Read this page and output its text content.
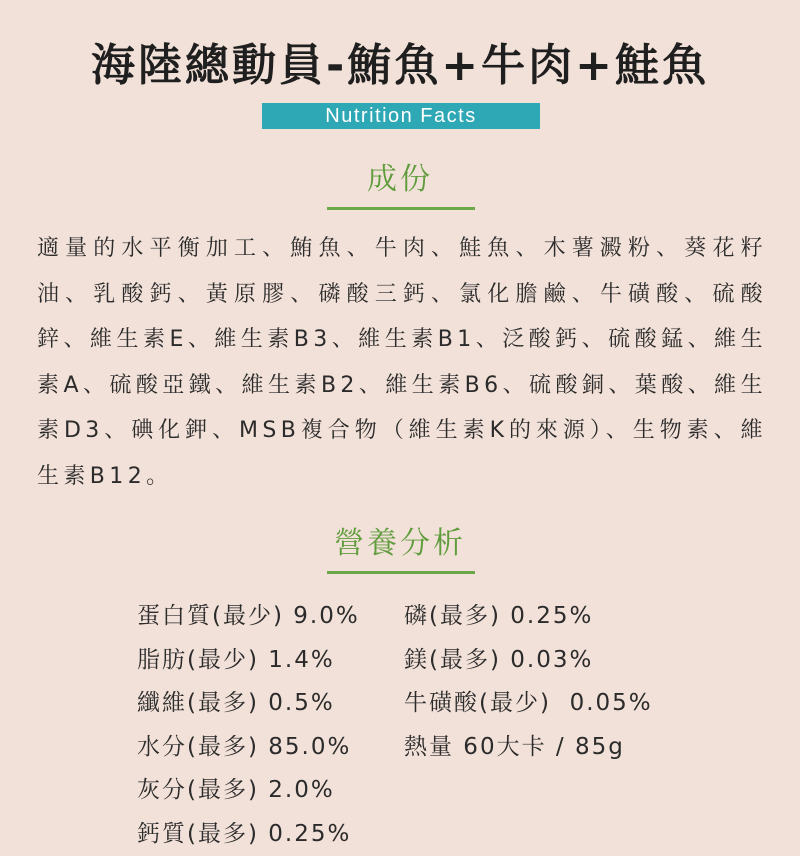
海陸總動員-鮪魚+牛肉+鮭魚
Nutrition Facts
成份
適量的水平衡加工、鮪魚、牛肉、鮭魚、木薯澱粉、葵花籽油、乳酸鈣、黃原膠、磷酸三鈣、氯化膽鹼、牛磺酸、硫酸鋅、維生素E、維生素B3、維生素B1、泛酸鈣、硫酸錳、維生素A、硫酸亞鐵、維生素B2、維生素B6、硫酸銅、葉酸、維生素D3、碘化鉀、MSB複合物（維生素K的來源）、生物素、維生素B12。
營養分析
蛋白質(最少) 9.0%
脂肪(最少) 1.4%
纖維(最多) 0.5%
水分(最多) 85.0%
灰分(最多) 2.0%
鈣質(最多) 0.25%
磷(最多) 0.25%
鎂(最多) 0.03%
牛磺酸(最少)  0.05%
熱量 60大卡 / 85g
